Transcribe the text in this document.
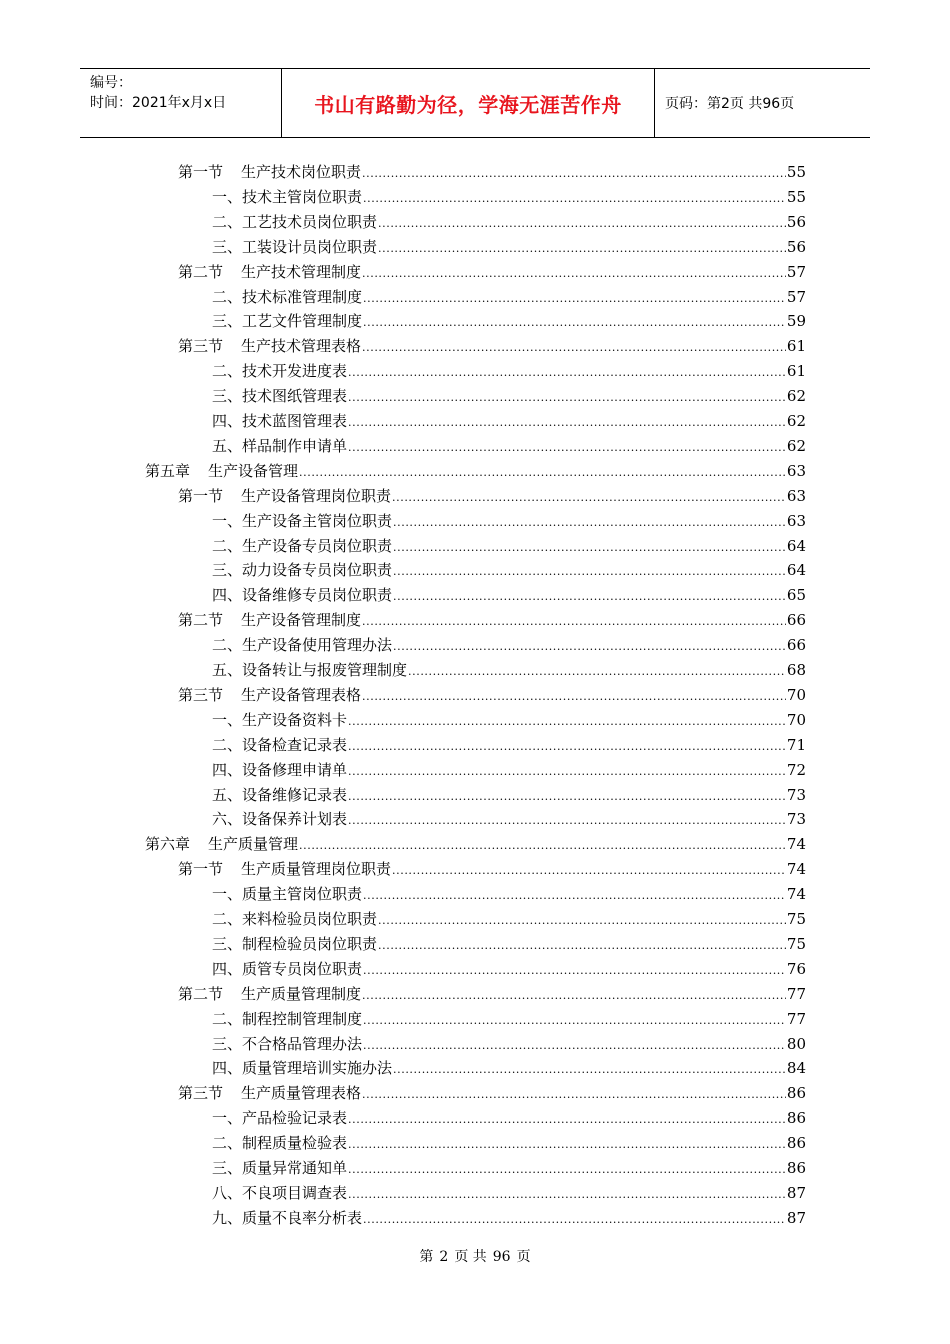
编号：
时间：2021年x月x日	书山有路勤为径，学海无涯苦作舟	页码：第2页 共96页
第一节 生产技术岗位职责 .....	55
一、技术主管岗位职责 .....	55
二、工艺技术员岗位职责 .....	56
三、工装设计员岗位职责 .....	56
第二节 生产技术管理制度 .....	57
二、技术标准管理制度 .....	57
三、工艺文件管理制度 .....	59
第三节 生产技术管理表格 .....	61
二、技术开发进度表 .....	61
三、技术图纸管理表 .....	62
四、技术蓝图管理表 .....	62
五、样品制作申请单 .....	62
第五章 生产设备管理 .....	63
第一节 生产设备管理岗位职责 .....	63
一、生产设备主管岗位职责 .....	63
二、生产设备专员岗位职责 .....	64
三、动力设备专员岗位职责 .....	64
四、设备维修专员岗位职责 .....	65
第二节 生产设备管理制度 .....	66
二、生产设备使用管理办法 .....	66
五、设备转让与报废管理制度 .....	68
第三节 生产设备管理表格 .....	70
一、生产设备资料卡 .....	70
二、设备检查记录表 .....	71
四、设备修理申请单 .....	72
五、设备维修记录表 .....	73
六、设备保养计划表 .....	73
第六章 生产质量管理 .....	74
第一节 生产质量管理岗位职责 .....	74
一、质量主管岗位职责 .....	74
二、来料检验员岗位职责 .....	75
三、制程检验员岗位职责 .....	75
四、质管专员岗位职责 .....	76
第二节 生产质量管理制度 .....	77
二、制程控制管理制度 .....	77
三、不合格品管理办法 .....	80
四、质量管理培训实施办法 .....	84
第三节 生产质量管理表格 .....	86
一、产品检验记录表 .....	86
二、制程质量检验表 .....	86
三、质量异常通知单 .....	86
八、不良项目调查表 .....	87
九、质量不良率分析表 .....	87
第 2 页 共 96 页
